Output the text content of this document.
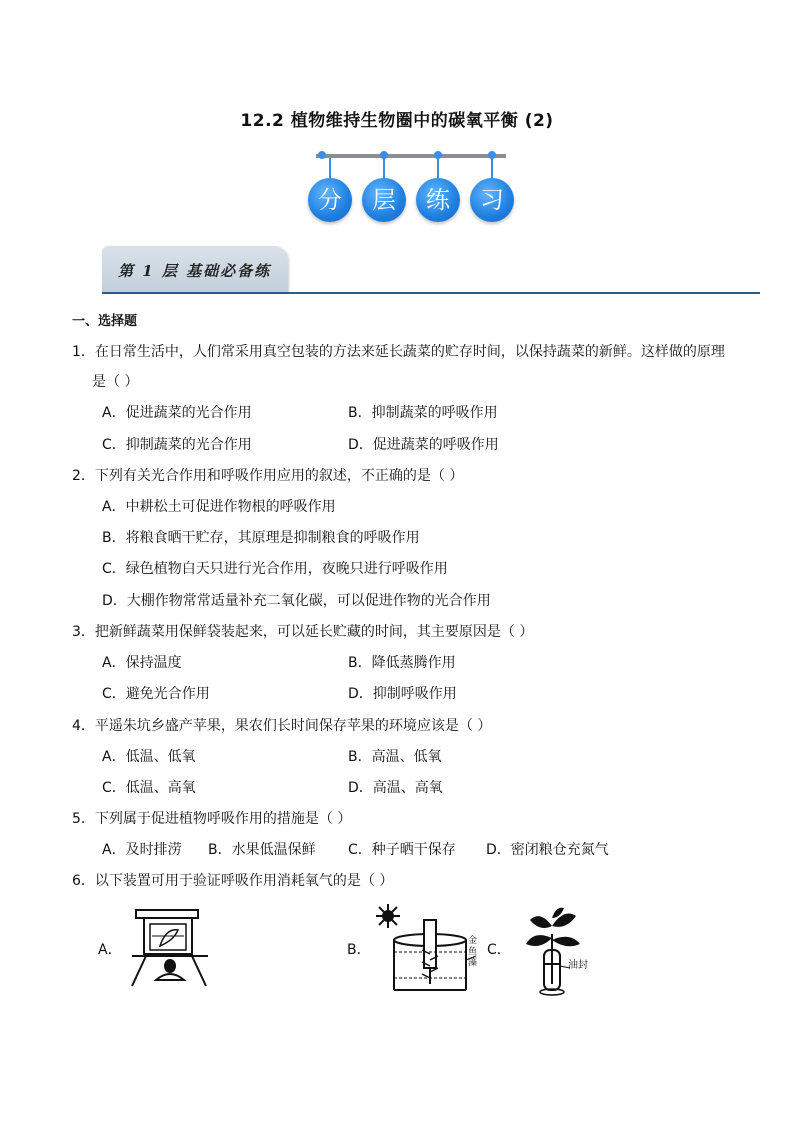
12.2 植物维持生物圈中的碳氧平衡 (2)
分	层	练	习
第 1 层 基础必备练
一、选择题
1．在日常生活中，人们常采用真空包装的方法来延长蔬菜的贮存时间，以保持蔬菜的新鲜。这样做的原理
是（ ）
A．促进蔬菜的光合作用	B．抑制蔬菜的呼吸作用
C．抑制蔬菜的光合作用	D．促进蔬菜的呼吸作用
2．下列有关光合作用和呼吸作用应用的叙述，不正确的是（ ）
A．中耕松土可促进作物根的呼吸作用
B．将粮食晒干贮存，其原理是抑制粮食的呼吸作用
C．绿色植物白天只进行光合作用，夜晚只进行呼吸作用
D．大棚作物常常适量补充二氧化碳，可以促进作物的光合作用
3．把新鲜蔬菜用保鲜袋装起来，可以延长贮藏的时间，其主要原因是（ ）
A．保持温度	B．降低蒸腾作用
C．避免光合作用	D．抑制呼吸作用
4．平遥朱坑乡盛产苹果，果农们长时间保存苹果的环境应该是（ ）
A．低温、低氧	B．高温、低氧
C．低温、高氧	D．高温、高氧
5．下列属于促进植物呼吸作用的措施是（ ）
A．及时排涝 B．水果低温保鲜 C．种子晒干保存 D．密闭粮仓充氮气
6．以下装置可用于验证呼吸作用消耗氧气的是（ ）
A．	B．	C．
金鱼藻	油封
